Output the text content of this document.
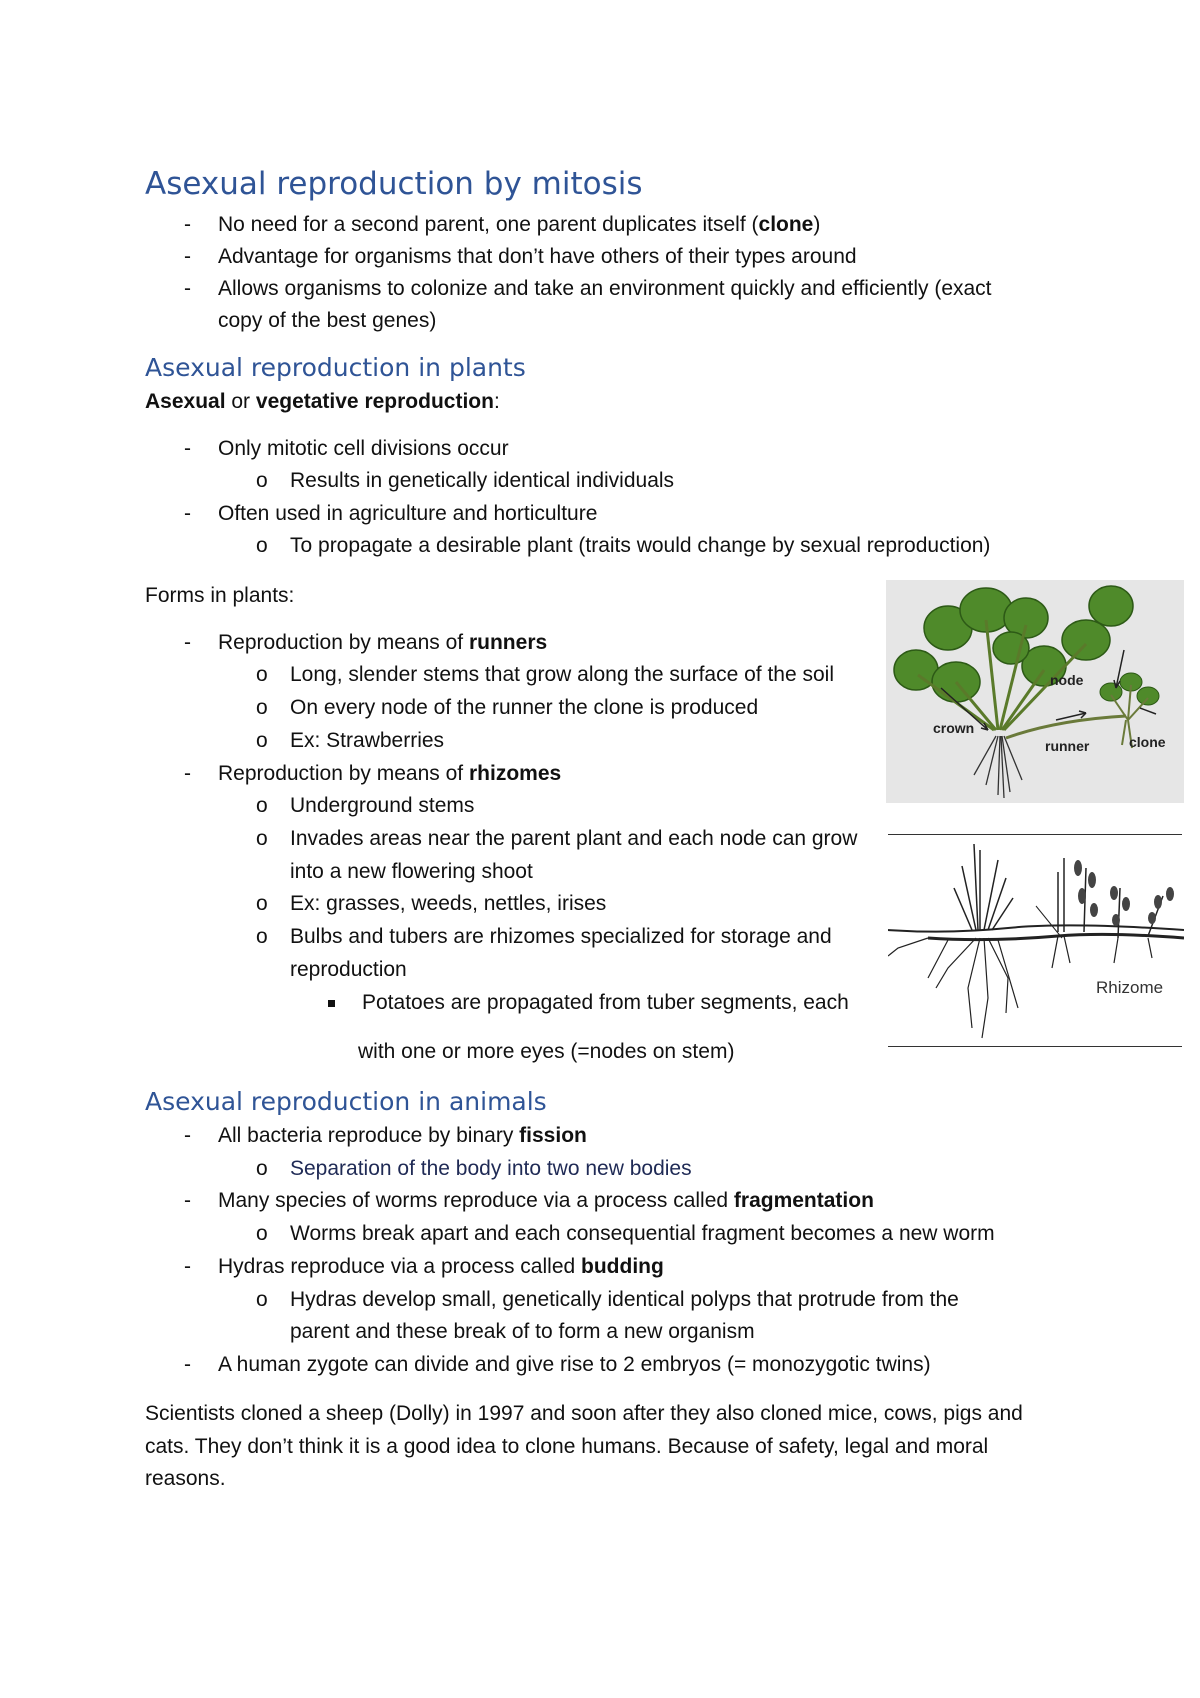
Asexual reproduction by mitosis
- No need for a second parent, one parent duplicates itself (clone)
- Advantage for organisms that don’t have others of their types around
- Allows organisms to colonize and take an environment quickly and efficiently (exact
copy of the best genes)
Asexual reproduction in plants
Asexual or vegetative reproduction:
- Only mitotic cell divisions occur
o Results in genetically identical individuals
- Often used in agriculture and horticulture
o To propagate a desirable plant (traits would change by sexual reproduction)
Forms in plants:
- Reproduction by means of runners
o Long, slender stems that grow along the surface of the soil
o On every node of the runner the clone is produced
o Ex: Strawberries
- Reproduction by means of rhizomes
o Underground stems
o Invades areas near the parent plant and each node can grow
into a new flowering shoot
o Ex: grasses, weeds, nettles, irises
o Bulbs and tubers are rhizomes specialized for storage and
reproduction
Potatoes are propagated from tuber segments, each
with one or more eyes (=nodes on stem)
node
crown
runner	clone
Rhizome
Asexual reproduction in animals
- All bacteria reproduce by binary fission
o Separation of the body into two new bodies
- Many species of worms reproduce via a process called fragmentation
o Worms break apart and each consequential fragment becomes a new worm
- Hydras reproduce via a process called budding
o Hydras develop small, genetically identical polyps that protrude from the
parent and these break of to form a new organism
- A human zygote can divide and give rise to 2 embryos (= monozygotic twins)
Scientists cloned a sheep (Dolly) in 1997 and soon after they also cloned mice, cows, pigs and
cats. They don’t think it is a good idea to clone humans. Because of safety, legal and moral
reasons.
